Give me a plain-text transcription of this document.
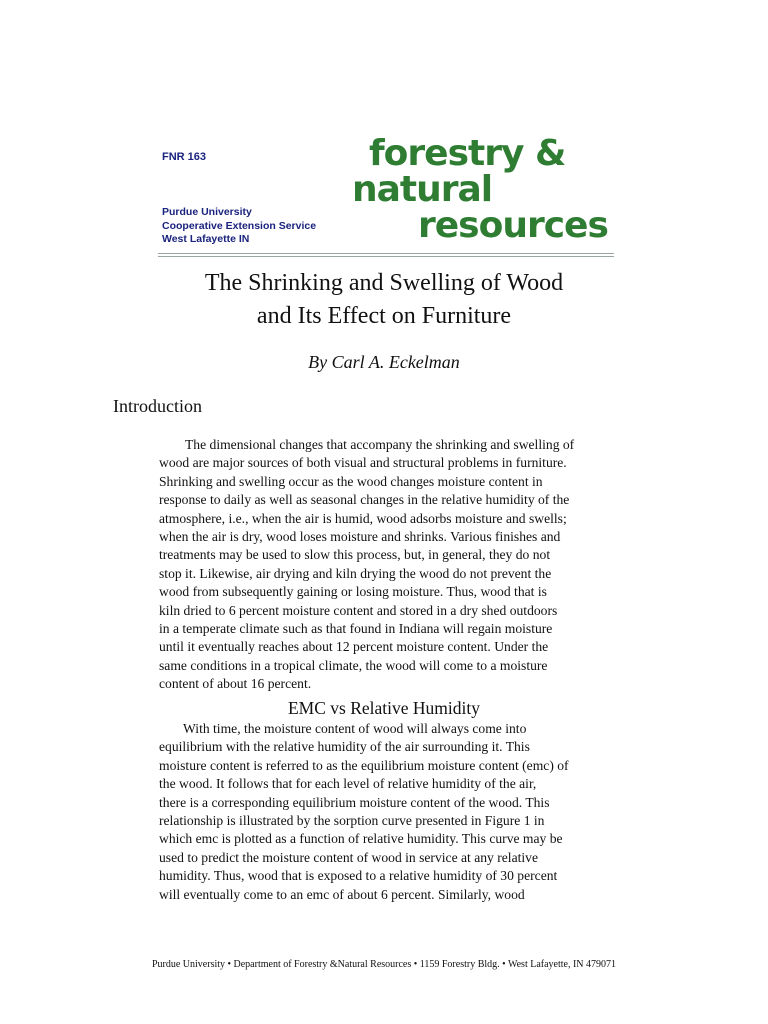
FNR 163
Purdue University
Cooperative Extension Service
West Lafayette IN
forestry &
natural
resources
The Shrinking and Swelling of Wood
and Its Effect on Furniture
By Carl A. Eckelman
Introduction
The dimensional changes that accompany the shrinking and swelling of
wood are major sources of both visual and structural problems in furniture.
Shrinking and swelling occur as the wood changes moisture content in
response to daily as well as seasonal changes in the relative humidity of the
atmosphere, i.e., when the air is humid, wood adsorbs moisture and swells;
when the air is dry, wood loses moisture and shrinks. Various finishes and
treatments may be used to slow this process, but, in general, they do not
stop it. Likewise, air drying and kiln drying the wood do not prevent the
wood from subsequently gaining or losing moisture. Thus, wood that is
kiln dried to 6 percent moisture content and stored in a dry shed outdoors
in a temperate climate such as that found in Indiana will regain moisture
until it eventually reaches about 12 percent moisture content. Under the
same conditions in a tropical climate, the wood will come to a moisture
content of about 16 percent.
EMC vs Relative Humidity
With time, the moisture content of wood will always come into
equilibrium with the relative humidity of the air surrounding it. This
moisture content is referred to as the equilibrium moisture content (emc) of
the wood. It follows that for each level of relative humidity of the air,
there is a corresponding equilibrium moisture content of the wood. This
relationship is illustrated by the sorption curve presented in Figure 1 in
which emc is plotted as a function of relative humidity. This curve may be
used to predict the moisture content of wood in service at any relative
humidity. Thus, wood that is exposed to a relative humidity of 30 percent
will eventually come to an emc of about 6 percent. Similarly, wood
Purdue University • Department of Forestry &Natural Resources • 1159 Forestry Bldg. • West Lafayette, IN 479071
